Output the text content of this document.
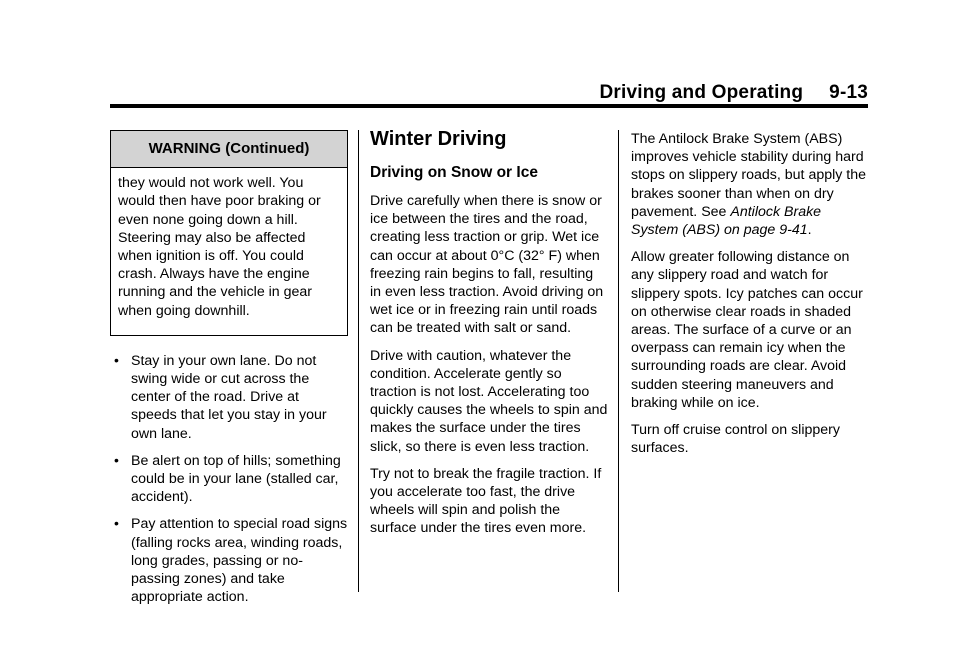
Driving and Operating 9-13
WARNING (Continued)

they would not work well. You would then have poor braking or even none going down a hill. Steering may also be affected when ignition is off. You could crash. Always have the engine running and the vehicle in gear when going downhill.

• Stay in your own lane. Do not swing wide or cut across the center of the road. Drive at speeds that let you stay in your own lane.
• Be alert on top of hills; something could be in your lane (stalled car, accident).
• Pay attention to special road signs (falling rocks area, winding roads, long grades, passing or no-passing zones) and take appropriate action.
Winter Driving
Driving on Snow or Ice

Drive carefully when there is snow or ice between the tires and the road, creating less traction or grip. Wet ice can occur at about 0°C (32° F) when freezing rain begins to fall, resulting in even less traction. Avoid driving on wet ice or in freezing rain until roads can be treated with salt or sand.

Drive with caution, whatever the condition. Accelerate gently so traction is not lost. Accelerating too quickly causes the wheels to spin and makes the surface under the tires slick, so there is even less traction.

Try not to break the fragile traction. If you accelerate too fast, the drive wheels will spin and polish the surface under the tires even more.

The Antilock Brake System (ABS) improves vehicle stability during hard stops on slippery roads, but apply the brakes sooner than when on dry pavement. See Antilock Brake System (ABS) on page 9-41.

Allow greater following distance on any slippery road and watch for slippery spots. Icy patches can occur on otherwise clear roads in shaded areas. The surface of a curve or an overpass can remain icy when the surrounding roads are clear. Avoid sudden steering maneuvers and braking while on ice.

Turn off cruise control on slippery surfaces.
